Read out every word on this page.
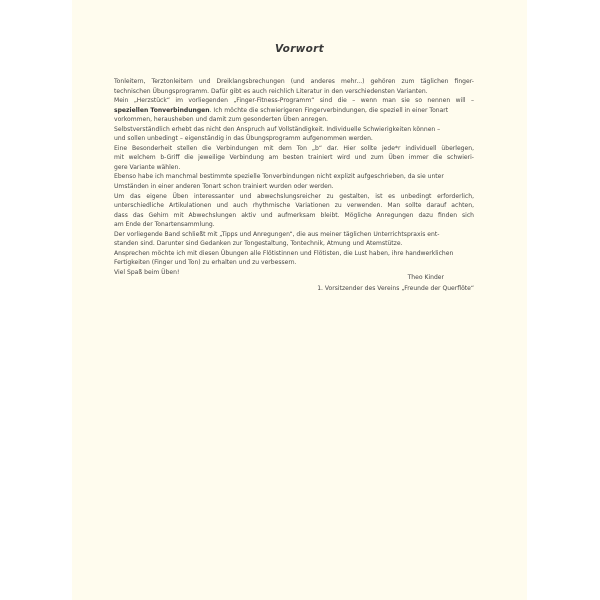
Vorwort
Tonleitern, Terztonleitern und Dreiklangsbrechungen (und anderes mehr...) gehören zum täglichen finger-
technischen Übungsprogramm. Dafür gibt es auch reichlich Literatur in den verschiedensten Varianten.
Mein „Herzstück“ im vorliegenden „Finger-Fitness-Programm“ sind die – wenn man sie so nennen will –
speziellen Tonverbindungen. Ich möchte die schwierigeren Fingerverbindungen, die speziell in einer Tonart
vorkommen, herausheben und damit zum gesonderten Üben anregen.
Selbstverständlich erhebt das nicht den Anspruch auf Vollständigkeit. Individuelle Schwierigkeiten können –
und sollen unbedingt – eigenständig in das Übungsprogramm aufgenommen werden.
Eine Besonderheit stellen die Verbindungen mit dem Ton „b“ dar. Hier sollte jede*r individuell überlegen,
mit welchem b-Griff die jeweilige Verbindung am besten trainiert wird und zum Üben immer die schwieri-
gere Variante wählen.
Ebenso habe ich manchmal bestimmte spezielle Tonverbindungen nicht explizit aufgeschrieben, da sie unter
Umständen in einer anderen Tonart schon trainiert wurden oder werden.
Um das eigene Üben interessanter und abwechslungsreicher zu gestalten, ist es unbedingt erforderlich,
unterschiedliche Artikulationen und auch rhythmische Variationen zu verwenden. Man sollte darauf achten,
dass das Gehirn mit Abwechslungen aktiv und aufmerksam bleibt. Mögliche Anregungen dazu finden sich
am Ende der Tonartensammlung.
Der vorliegende Band schließt mit „Tipps und Anregungen“, die aus meiner täglichen Unterrichtspraxis ent-
standen sind. Darunter sind Gedanken zur Tongestaltung, Tontechnik, Atmung und Atemstütze.
Ansprechen möchte ich mit diesen Übungen alle Flötistinnen und Flötisten, die Lust haben, ihre handwerklichen
Fertigkeiten (Finger und Ton) zu erhalten und zu verbessern.
Viel Spaß beim Üben!
Theo Kinder
1. Vorsitzender des Vereins „Freunde der Querflöte“
